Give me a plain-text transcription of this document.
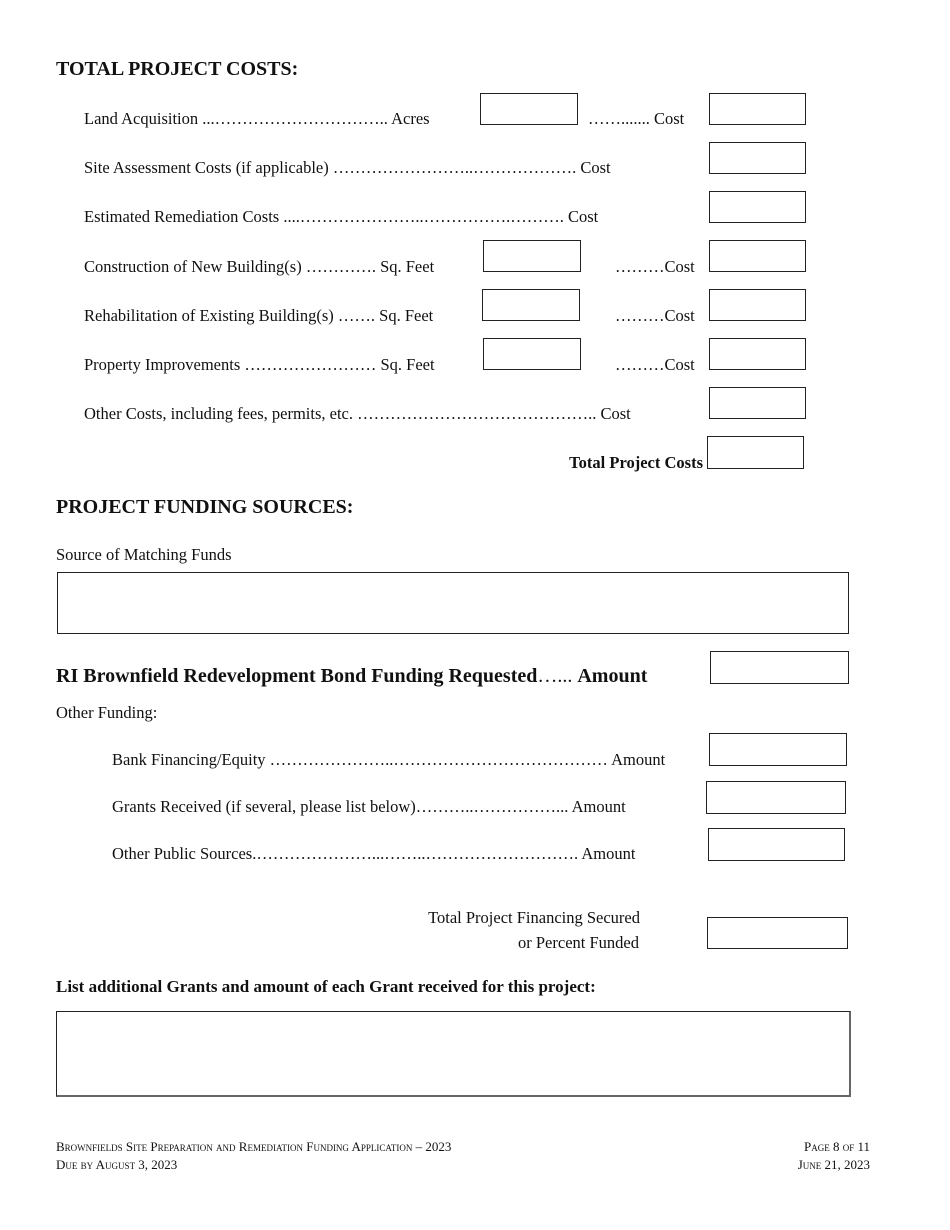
TOTAL PROJECT COSTS:
Land Acquisition ...………………………….. Acres	……....... Cost
Site Assessment Costs (if applicable) ……………………..………………. Cost
Estimated Remediation Costs ....…………………..…………….………. Cost
Construction of New Building(s) …………. Sq. Feet	………Cost
Rehabilitation of Existing Building(s) ……. Sq. Feet	………Cost
Property Improvements …………………… Sq. Feet	………Cost
Other Costs, including fees, permits, etc. …………………………………….. Cost
Total Project Costs
PROJECT FUNDING SOURCES:
Source of Matching Funds
RI Brownfield Redevelopment Bond Funding Requested…... Amount
Other Funding:
Bank Financing/Equity …………………..………………………………… Amount
Grants Received (if several, please list below)………..……………... Amount
Other Public Sources.…………………...……..………………………. Amount
Total Project Financing Secured
or Percent Funded
List additional Grants and amount of each Grant received for this project:
Brownfields Site Preparation and Remediation Funding Application – 2023
Due by August 3, 2023
Page 8 of 11
June 21, 2023
